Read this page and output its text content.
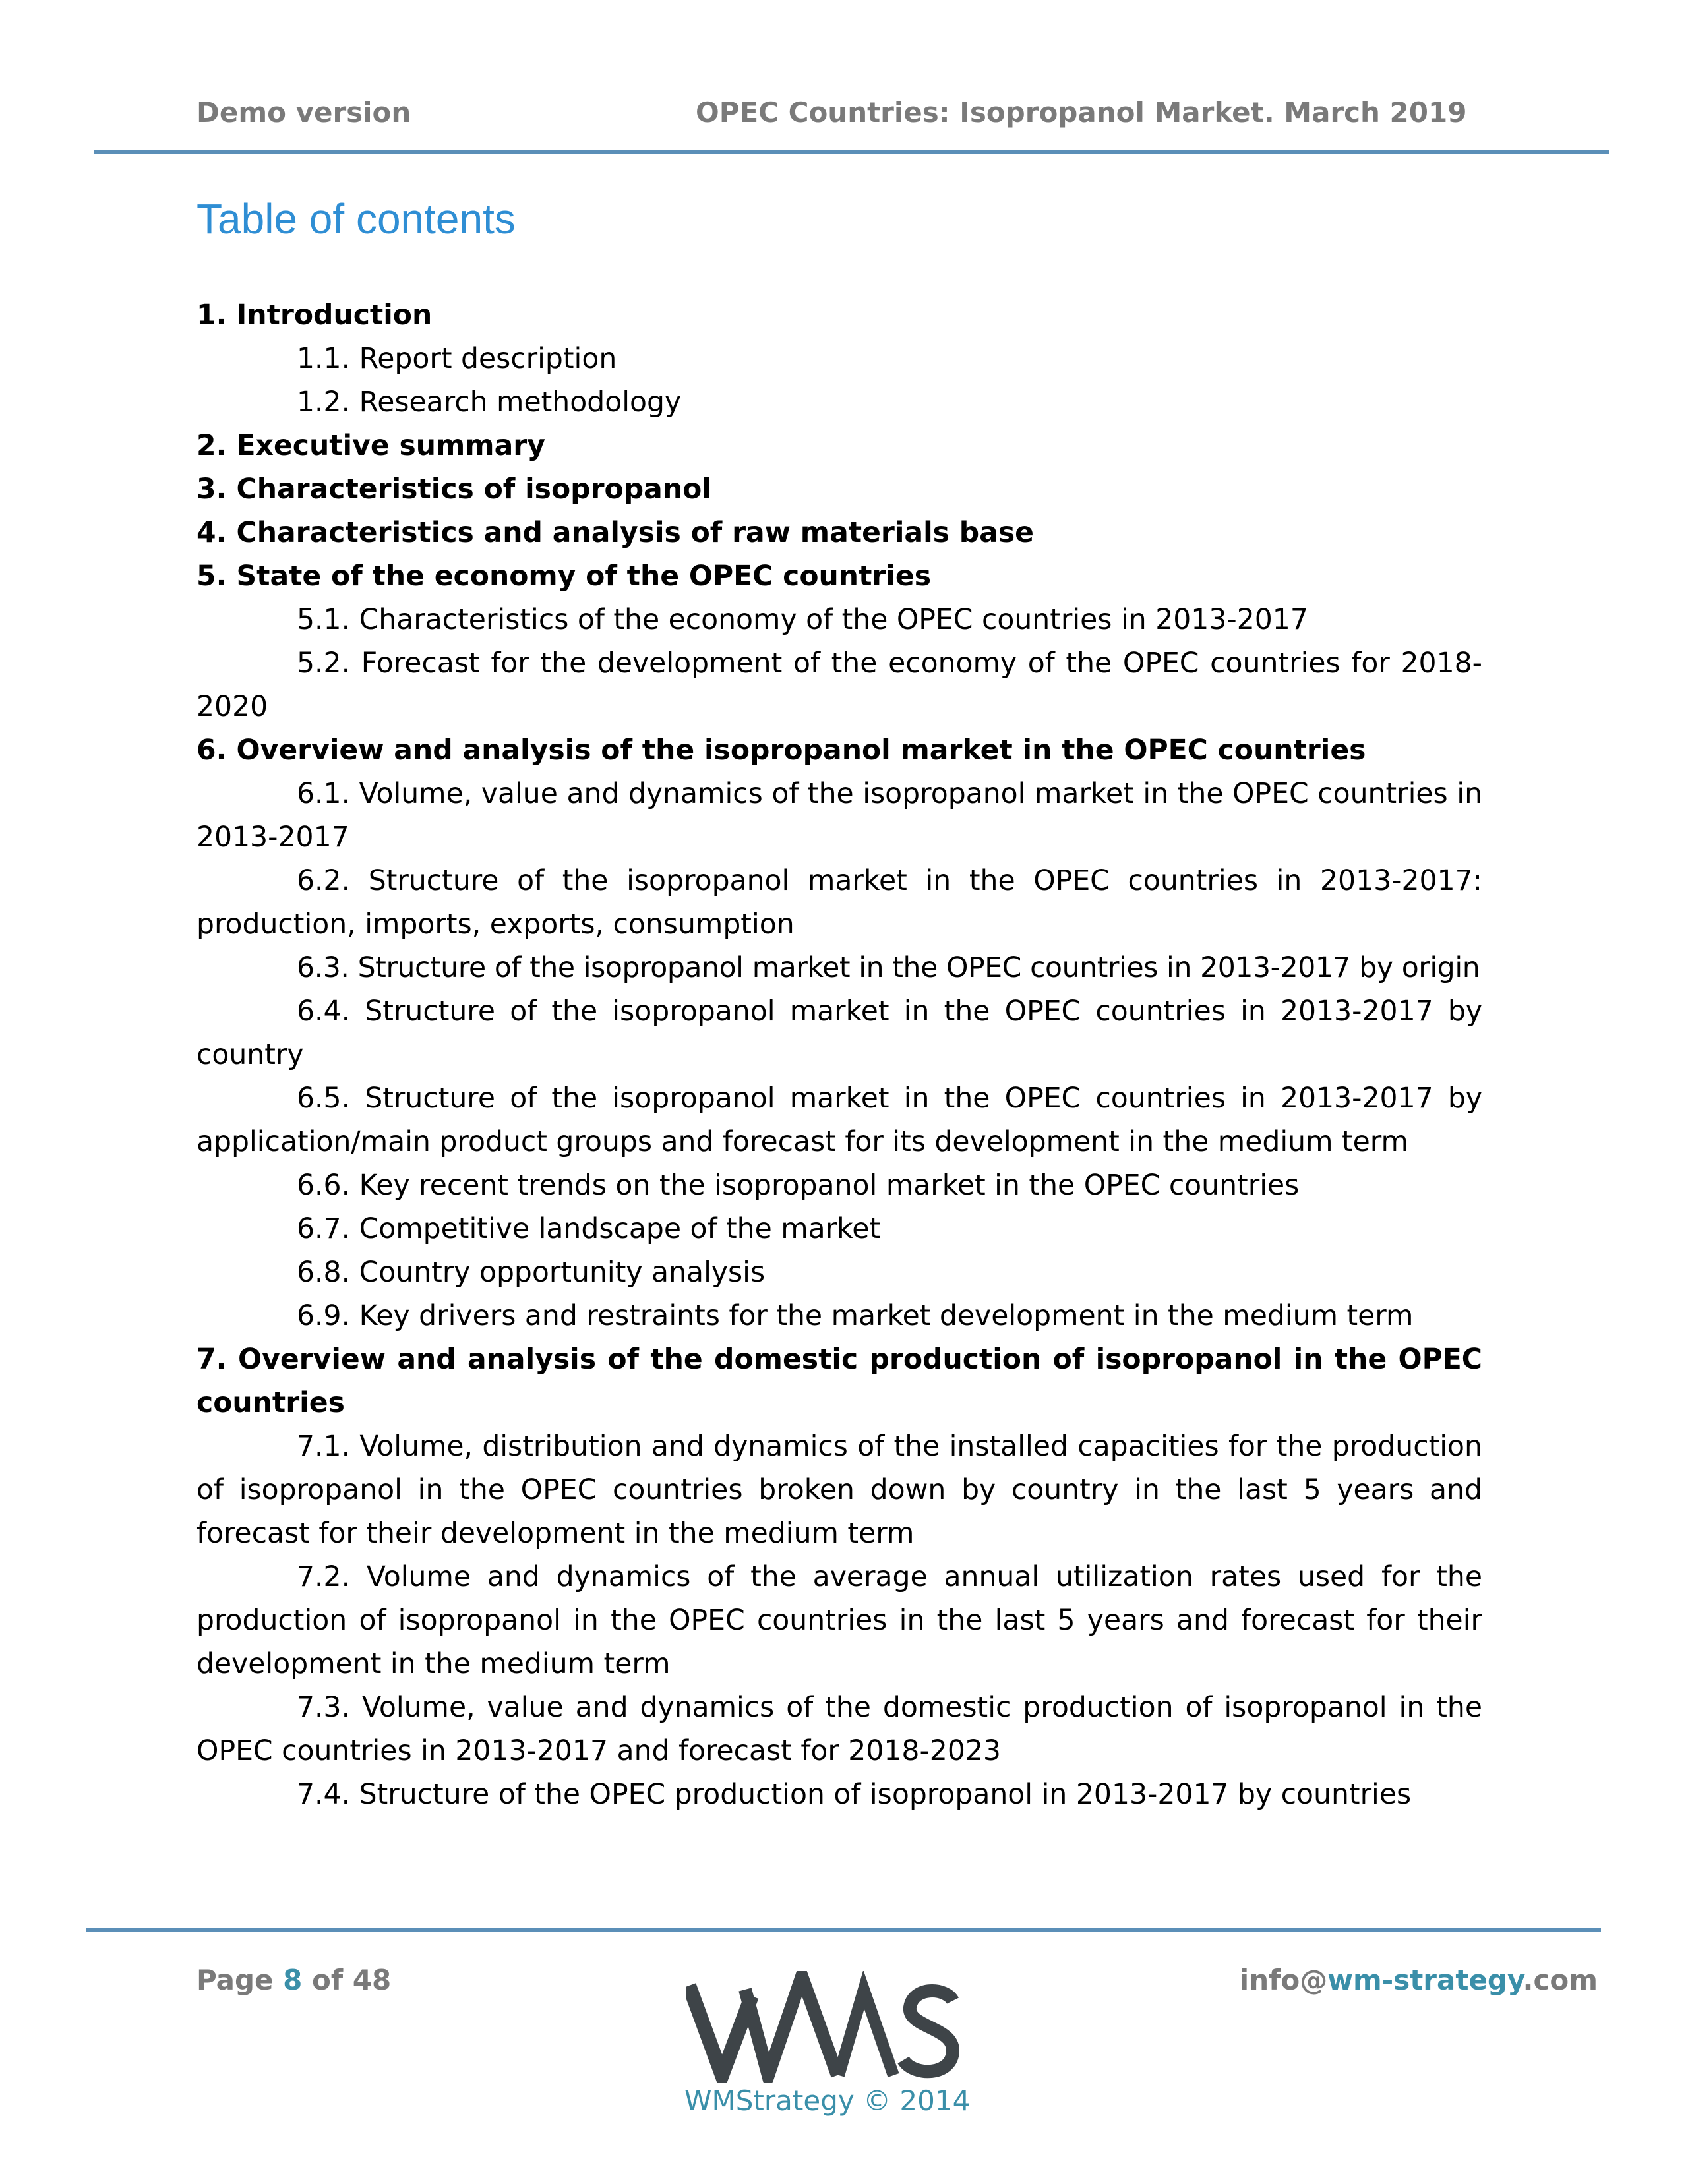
Demo version	OPEC Countries: Isopropanol Market. March 2019
Table of contents

1. Introduction

1.1. Report description

1.2. Research methodology

2. Executive summary

3. Characteristics of isopropanol

4. Characteristics and analysis of raw materials base

5. State of the economy of the OPEC countries

5.1. Characteristics of the economy of the OPEC countries in 2013-2017

5.2. Forecast for the development of the economy of the OPEC countries for 2018-2020

6. Overview and analysis of the isopropanol market in the OPEC countries

6.1. Volume, value and dynamics of the isopropanol market in the OPEC countries in 2013-2017

6.2. Structure of the isopropanol market in the OPEC countries in 2013-2017: production, imports, exports, consumption

6.3. Structure of the isopropanol market in the OPEC countries in 2013-2017 by origin

6.4. Structure of the isopropanol market in the OPEC countries in 2013-2017 by country

6.5. Structure of the isopropanol market in the OPEC countries in 2013-2017 by application/main product groups and forecast for its development in the medium term

6.6. Key recent trends on the isopropanol market in the OPEC countries

6.7. Competitive landscape of the market

6.8. Country opportunity analysis

6.9. Key drivers and restraints for the market development in the medium term

7. Overview and analysis of the domestic production of isopropanol in the OPEC countries

7.1. Volume, distribution and dynamics of the installed capacities for the production of isopropanol in the OPEC countries broken down by country in the last 5 years and forecast for their development in the medium term

7.2. Volume and dynamics of the average annual utilization rates used for the production of isopropanol in the OPEC countries in the last 5 years and forecast for their development in the medium term

7.3. Volume, value and dynamics of the domestic production of isopropanol in the OPEC countries in 2013-2017 and forecast for 2018-2023

7.4. Structure of the OPEC production of isopropanol in 2013-2017 by countries

Page 8 of 48	info@wm-strategy.com
WMStrategy © 2014
